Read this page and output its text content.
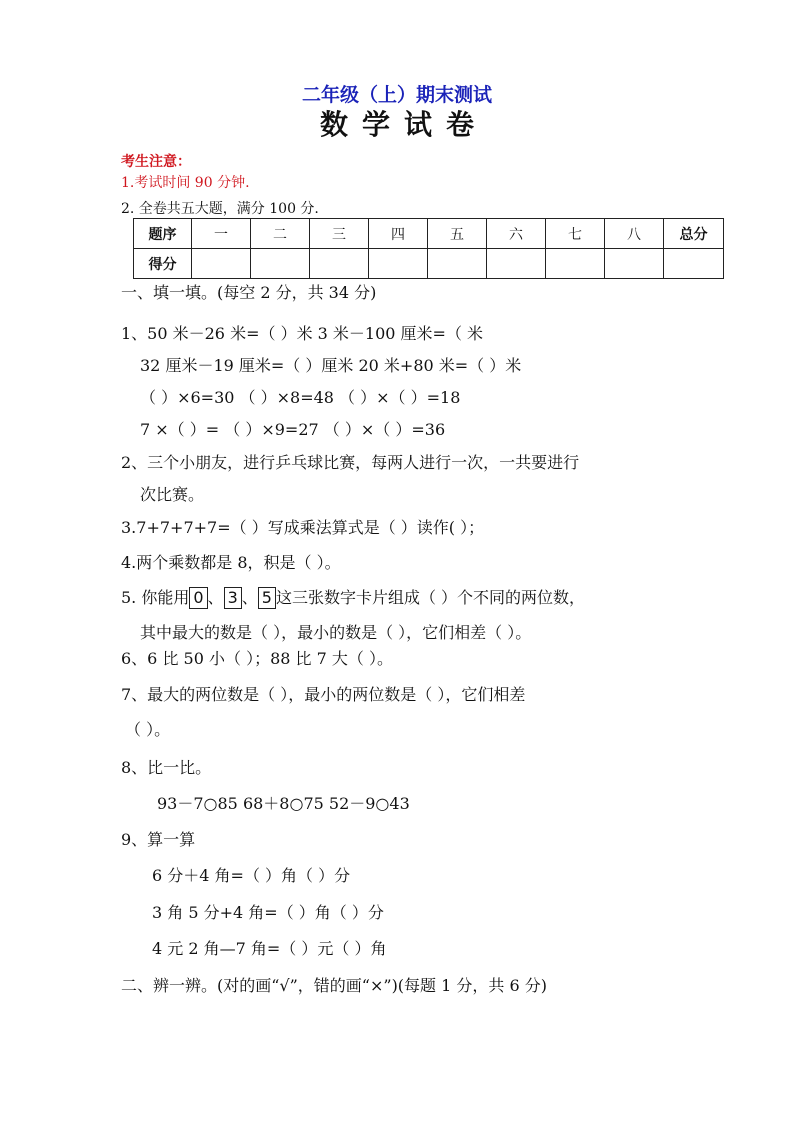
二年级（上）期末测试
数学试卷
考生注意：
1.考试时间 90 分钟.
2. 全卷共五大题，满分 100 分.
题序	一	二	三	四	五	六	七	八	总分
得分									
一、填一填。(每空 2 分，共 34 分)
1、50 米－26 米=（ ）米 3 米－100 厘米=（ 米
32 厘米－19 厘米=（ ）厘米 20 米+80 米=（ ）米
（ ）×6=30 （ ）×8=48 （ ）×（ ）=18
7 ×（ ）= （ ）×9=27 （ ）×（ ）=36
2、三个小朋友，进行乒乓球比赛，每两人进行一次，一共要进行
次比赛。
3.7+7+7+7=（ ）写成乘法算式是（ ）读作( ）；
4.两个乘数都是 8，积是（ ）。
5. 你能用 0 、 3 、 5 这三张数字卡片组成（ ）个不同的两位数，
其中最大的数是（ ），最小的数是（ ），它们相差（ ）。
6、6 比 50 小（ ）；88 比 7 大（ ）。
7、最大的两位数是（ ），最小的两位数是（ ），它们相差
（ ）。
8、比一比。
93－7○85 68＋8○75 52－9○43
9、算一算
6 分＋4 角=（ ）角（ ）分
3 角 5 分+4 角=（ ）角（ ）分
4 元 2 角—7 角=（ ）元（ ）角
二、辨一辨。(对的画“√”，错的画“×”)(每题 1 分，共 6 分)
